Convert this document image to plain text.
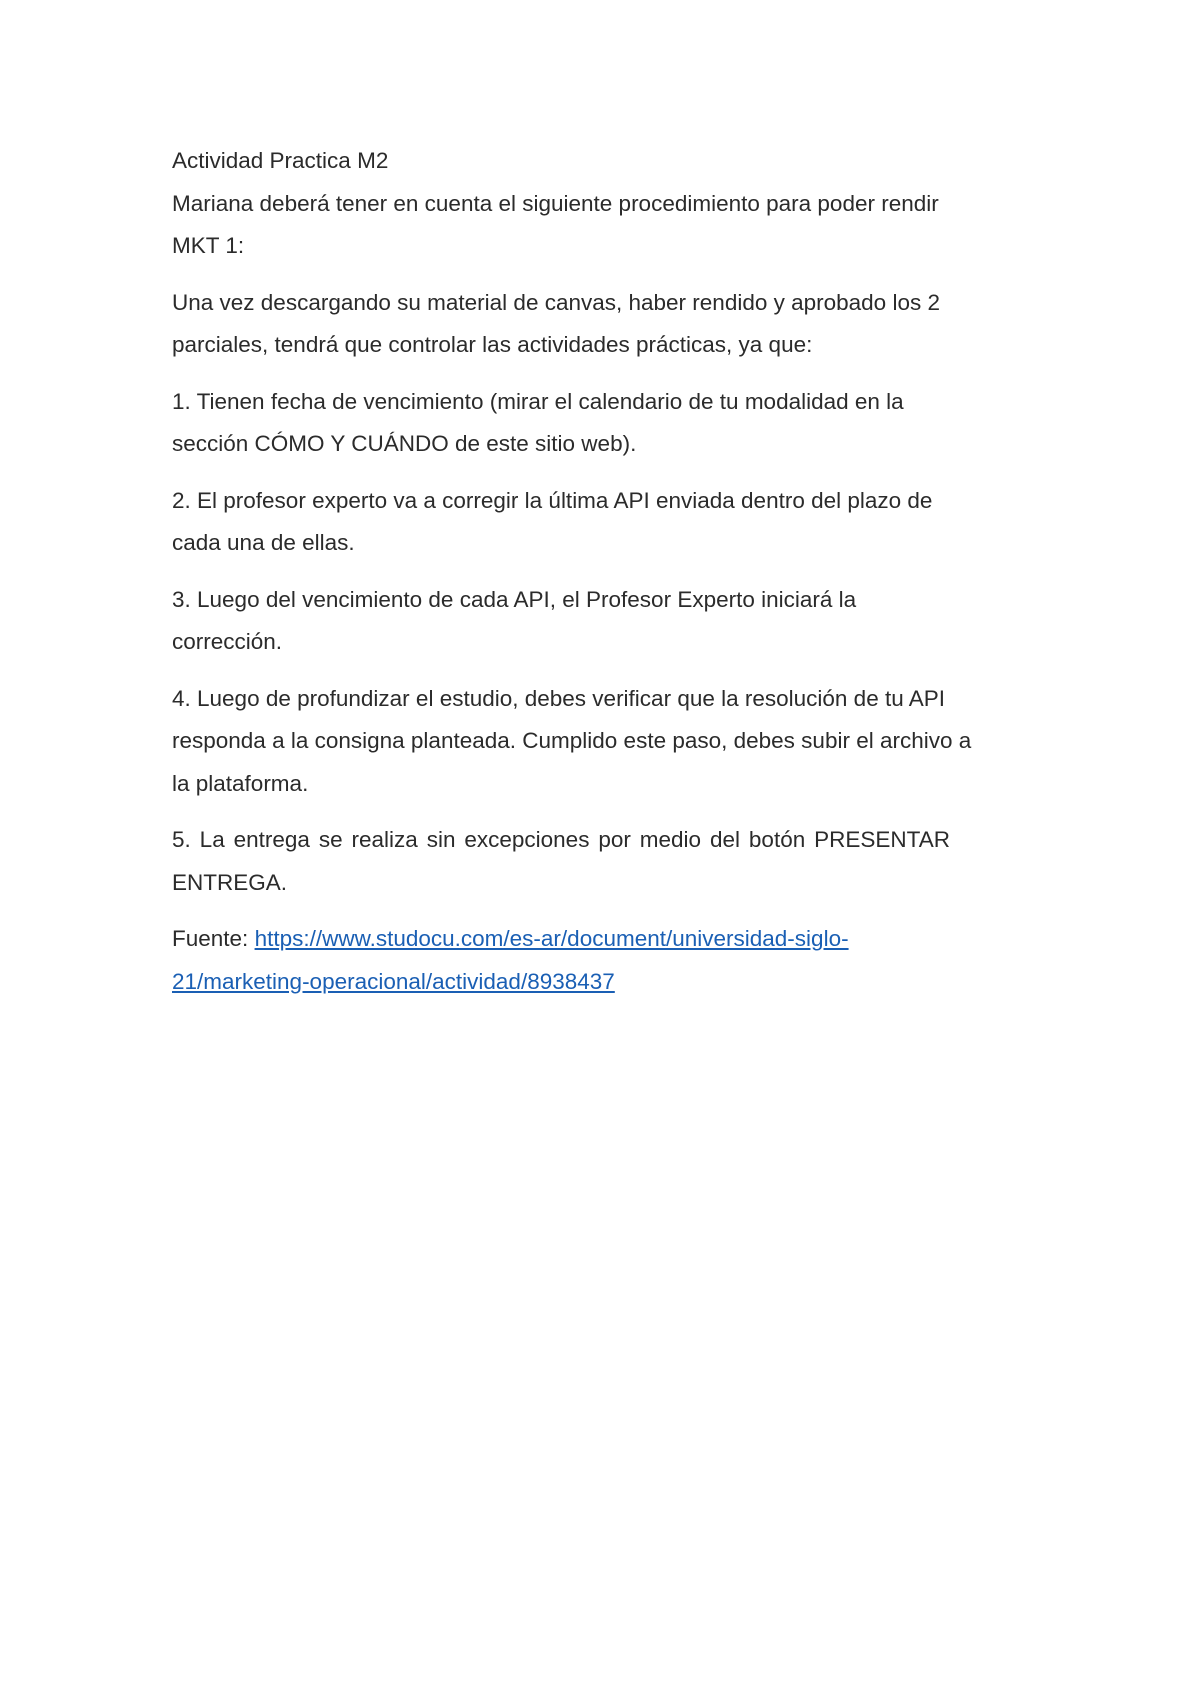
Actividad Practica M2
Mariana deberá tener en cuenta el siguiente procedimiento para poder rendir
MKT 1:
Una vez descargando su material de canvas, haber rendido y aprobado los 2 parciales, tendrá que controlar las actividades prácticas, ya que:
1. Tienen fecha de vencimiento (mirar el calendario de tu modalidad en la sección CÓMO Y CUÁNDO de este sitio web).
2. El profesor experto va a corregir la última API enviada dentro del plazo de cada una de ellas.
3. Luego del vencimiento de cada API, el Profesor Experto iniciará la corrección.
4. Luego de profundizar el estudio, debes verificar que la resolución de tu API responda a la consigna planteada. Cumplido este paso, debes subir el archivo a la plataforma.
5. La entrega se realiza sin excepciones por medio del botón PRESENTAR ENTREGA.
Fuente: https://www.studocu.com/es-ar/document/universidad-siglo-
21/marketing-operacional/actividad/8938437
